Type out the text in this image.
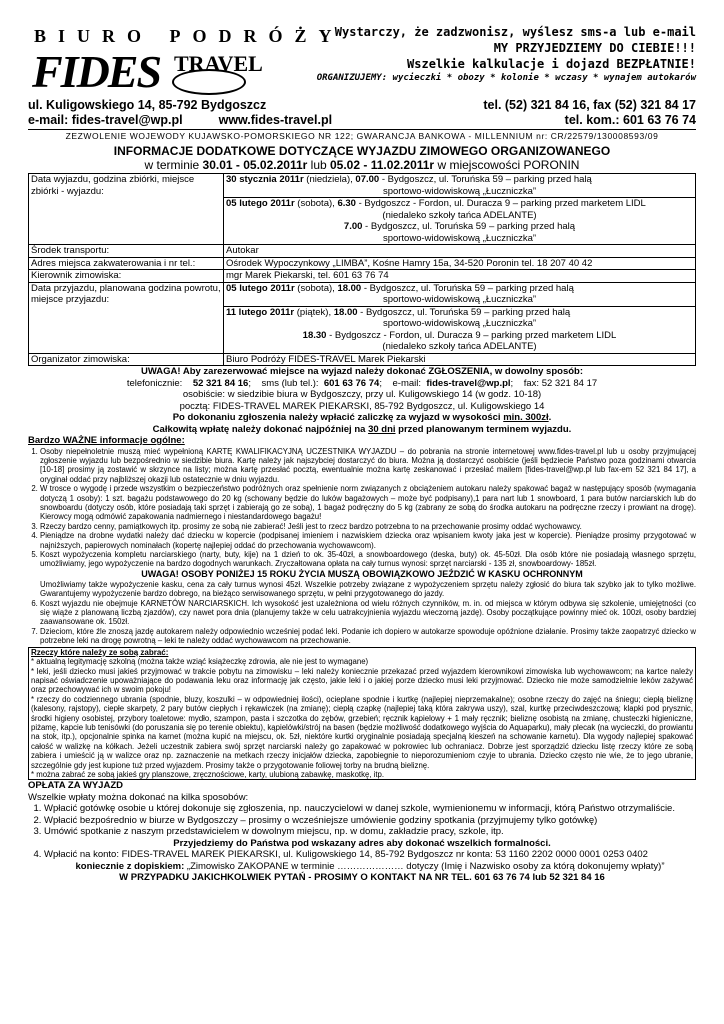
BIURO PODRÓŻY
FIDES TRAVEL
Wystarczy, że zadzwonisz, wyślesz sms-a lub e-mail
MY PRZYJEDZIEMY DO CIEBIE!!!
Wszelkie kalkulacje i dojazd BEZPŁATNIE!
ORGANIZUJEMY: wycieczki * obozy * kolonie * wczasy * wynajem autokarów
ul. Kuligowskiego 14, 85-792 Bydgoszcz	tel. (52) 321 84 16, fax (52) 321 84 17
e-mail: fides-travel@wp.pl	www.fides-travel.pl	tel. kom.: 601 63 76 74
ZEZWOLENIE WOJEWODY KUJAWSKO-POMORSKIEGO NR 122; GWARANCJA BANKOWA - MILLENNIUM nr: CR/22579/130008593/09
INFORMACJE DODATKOWE DOTYCZĄCE WYJAZDU ZIMOWEGO ORGANIZOWANEGO
w terminie 30.01 - 05.02.2011r lub 05.02 - 11.02.2011r w miejscowości PORONIN
Data wyjazdu, godzina zbiórki, miejsce zbiórki - wyjazdu:	30 stycznia 2011r (niedziela), 07.00 - Bydgoszcz, ul. Toruńska 59 – parking przed halą
sportowo-widowiskową „Łuczniczka”

	05 lutego 2011r (sobota), 6.30 - Bydgoszcz - Fordon, ul. Duracza 9 – parking przed marketem LIDL
(niedaleko szkoły tańca ADELANTE)
7.00 - Bydgoszcz, ul. Toruńska 59 – parking przed halą
sportowo-widowiskową „Łuczniczka”

Środek transportu:	Autokar
Adres miejsca zakwaterowania i nr tel.:	Ośrodek Wypoczynkowy „LIMBA”, Kośne Hamry 15a, 34-520 Poronin tel. 18 207 40 42
Kierownik zimowiska:	mgr Marek Piekarski, tel. 601 63 76 74
Data przyjazdu, planowana godzina powrotu, miejsce przyjazdu:	05 lutego 2011r (sobota), 18.00 - Bydgoszcz, ul. Toruńska 59 – parking przed halą
sportowo-widowiskową „Łuczniczka”

	11 lutego 2011r (piątek), 18.00 - Bydgoszcz, ul. Toruńska 59 – parking przed halą
sportowo-widowiskową „Łuczniczka”
18.30 - Bydgoszcz - Fordon, ul. Duracza 9 – parking przed marketem LIDL
(niedaleko szkoły tańca ADELANTE)

Organizator zimowiska:	Biuro Podróży FIDES-TRAVEL Marek Piekarski
UWAGA! Aby zarezerwować miejsce na wyjazd należy dokonać ZGŁOSZENIA, w dowolny sposób:
telefonicznie: 52 321 84 16;    sms (lub tel.): 601 63 76 74;    e-mail: fides-travel@wp.pl;    fax: 52 321 84 17
osobiście: w siedzibie biura w Bydgoszczy, przy ul. Kuligowskiego 14 (w godz. 10-18)
pocztą: FIDES-TRAVEL MAREK PIEKARSKI, 85-792 Bydgoszcz, ul. Kuligowskiego 14
Po dokonaniu zgłoszenia należy wpłacić zaliczkę za wyjazd w wysokości min. 300zł.
Całkowitą wpłatę należy dokonać najpóźniej na 30 dni przed planowanym terminem wyjazdu.
Bardzo WAŻNE informacje ogólne:
1. Osoby niepełnoletnie muszą mieć wypełnioną KARTĘ KWALIFIKACYJNĄ UCZESTNIKA WYJAZDU – do pobrania na stronie internetowej www.fides-travel.pl lub u osoby przyjmującej zgłoszenie wyjazdu lub bezpośrednio w siedzibie biura. Kartę należy jak najszybciej dostarczyć do biura. Można ją dostarczyć osobiście (jeśli będziecie Państwo poza godzinami otwarcia [10-18] prosimy ją zostawić w skrzynce na listy; można kartę przesłać pocztą, ewentualnie można kartę zeskanować i przesłać mailem [fides-travel@wp.pl lub fax-em 52 321 84 17], a oryginał oddać przy najbliższej okazji lub ostatecznie w dniu wyjazdu.
2. W trosce o wygodę i przede wszystkim o bezpieczeństwo podróżnych oraz spełnienie norm związanych z obciążeniem autokaru należy spakować bagaż w następujący sposób (wymagania dotyczą 1 osoby): 1 szt. bagażu podstawowego do 20 kg (schowany będzie do luków bagażowych – może być podpisany),1 para nart lub 1 snowboard, 1 para butów narciarskich lub do snowboardu (dotyczy osób, które posiadają taki sprzęt i zabierają go ze sobą), 1 bagaż podręczny do 5 kg (zabrany ze sobą do środka autokaru na podręczne rzeczy i prowiant na drogę). Kierowcy mogą odmówić zapakowania nadmiernego i niestandardowego bagażu!
3. Rzeczy bardzo cenny, pamiątkowych itp. prosimy ze sobą nie zabierać! Jeśli jest to rzecz bardzo potrzebna to na przechowanie prosimy oddać wychowawcy.
4. Pieniądze na drobne wydatki należy dać dziecku w kopercie (podpisanej imieniem i nazwiskiem dziecka oraz wpisaniem kwoty jaka jest w kopercie). Pieniądze prosimy przygotować w najniższych, papierowych nominałach (kopertę najlepiej oddać do przechowania wychowawcom).
5. Koszt wypożyczenia kompletu narciarskiego (narty, buty, kije) na 1 dzień to ok. 35-40zł, a snowboardowego (deska, buty) ok. 45-50zł. Dla osób które nie posiadają własnego sprzętu, umożliwiamy, jego wypożyczenie na bardzo dogodnych warunkach. Zryczałtowana opłata na cały turnus wynosi: sprzęt narciarski - 135 zł, snowboardowy- 185zł.
UWAGA! OSOBY PONIŻEJ 15 ROKU ŻYCIA MUSZĄ OBOWIĄZKOWO JEŹDZIĆ W KASKU OCHRONNYM
Umożliwiamy także wypożyczenie kasku, cena za cały turnus wynosi 45zł. Wszelkie potrzeby związane z wypożyczeniem sprzętu należy zgłosić do biura tak szybko jak to tylko możliwe. Gwarantujemy wypożyczenie bardzo dobrego, na bieżąco serwisowanego sprzętu, w pełni przygotowanego do jazdy.
6. Koszt wyjazdu nie obejmuje KARNETÓW NARCIARSKICH. Ich wysokość jest uzależniona od wielu różnych czynników, m. in. od miejsca w którym odbywa się szkolenie, umiejętności (co się wiąże z planowaną liczbą zjazdów), czy nawet pora dnia (planujemy także w celu uatrakcyjnienia wyjazdu wieczorną jazdę). Osoby początkujące powinny mieć ok. 100zł, osoby bardziej zaawansowane ok. 150zł.
7. Dzieciom, które źle znoszą jazdę autokarem należy odpowiednio wcześniej podać leki. Podanie ich dopiero w autokarze spowoduje opóźnione działanie. Prosimy także zaopatrzyć dziecko w potrzebne leki na drogę powrotną – leki te należy oddać wychowawcom na przechowanie.
Rzeczy które należy ze sobą zabrać:
* aktualną legitymację szkolną (można także wziąć książeczkę zdrowia, ale nie jest to wymagane)
* leki, jeśli dziecko musi jakieś przyjmować w trakcie pobytu na zimowisku – leki należy koniecznie przekazać przed wyjazdem kierownikowi zimowiska lub wychowawcom; na kartce należy napisać oświadczenie upoważniające do podawania leku oraz informację jak często, jakie leki i o jakiej porze dziecko musi leki przyjmować. Dziecko nie może samodzielnie leków zażywać oraz przechowywać ich w swoim pokoju!
* rzeczy do codziennego ubrania (spodnie, bluzy, koszulki – w odpowiedniej ilości), ocieplane spodnie i kurtkę (najlepiej nieprzemakalne); osobne rzeczy do zajęć na śniegu; ciepłą bieliznę (kalesony, rajstopy), ciepłe skarpety, 2 pary butów ciepłych i rękawiczek (na zmianę); ciepłą czapkę (najlepiej taką która zakrywa uszy), szal, kurtkę przeciwdeszczową; klapki pod prysznic, środki higieny osobistej, przybory toaletowe: mydło, szampon, pasta i szczotka do zębów, grzebień; ręcznik kąpielowy + 1 mały ręcznik; bieliznę osobistą na zmianę, chusteczki higieniczne, piżamę, kapcie lub tenisówki (do poruszania się po terenie obiektu), kąpielówki/strój na basen (będzie możliwość dodatkowego wyjścia do Aquaparku), mały plecak (na wycieczki, do prowiantu na stok, itp.), opcjonalnie spinka na karnet (można kupić na miejscu, ok. 5zł, niektóre kurtki oryginalnie posiadają specjalną kieszeń na schowanie karnetu). Dla wygody najlepiej spakować całość w walizkę na kółkach. Jeżeli uczestnik zabiera swój sprzęt narciarski należy go zapakować w pokrowiec lub ochraniacz. Dobrze jest sporządzić dziecku listę rzeczy które ze sobą zabiera i umieścić ją w walizce oraz np. zaznaczenie na metkach rzeczy inicjałów dziecka, zapobiegnie to nieporozumieniom czyje to ubrania. Dziecko często nie wie, że to jego ubranie, szczególnie gdy jest kupione tuż przed wyjazdem. Prosimy także o przygotowanie foliowej torby na brudną bieliznę.
* można zabrać ze sobą jakieś gry planszowe, zręcznościowe, karty, ulubioną zabawkę, maskotkę, itp.
OPŁATA ZA WYJAZD
Wszelkie wpłaty można dokonać na kilka sposobów:
1. Wpłacić gotówkę osobie u której dokonuje się zgłoszenia, np. nauczycielowi w danej szkole, wymienionemu w informacji, którą Państwo otrzymaliście.
2. Wpłacić bezpośrednio w biurze w Bydgoszczy – prosimy o wcześniejsze umówienie godziny spotkania (przyjmujemy tylko gotówkę)
3. Umówić spotkanie z naszym przedstawicielem w dowolnym miejscu, np. w domu, zakładzie pracy, szkole, itp.
Przyjedziemy do Państwa pod wskazany adres aby dokonać wszelkich formalności.
4. Wpłacić na konto: FIDES-TRAVEL MAREK PIEKARSKI, ul. Kuligowskiego 14, 85-792 Bydgoszcz nr konta: 53 1160 2202 0000 0001 0253 0402
koniecznie z dopiskiem: „Zimowisko ZAKOPANE w terminie ………………… dotyczy (Imię i Nazwisko osoby za którą dokonujemy wpłaty)”
W PRZYPADKU JAKICHKOLWIEK PYTAŃ - PROSIMY O KONTAKT NA NR TEL. 601 63 76 74 lub 52 321 84 16
